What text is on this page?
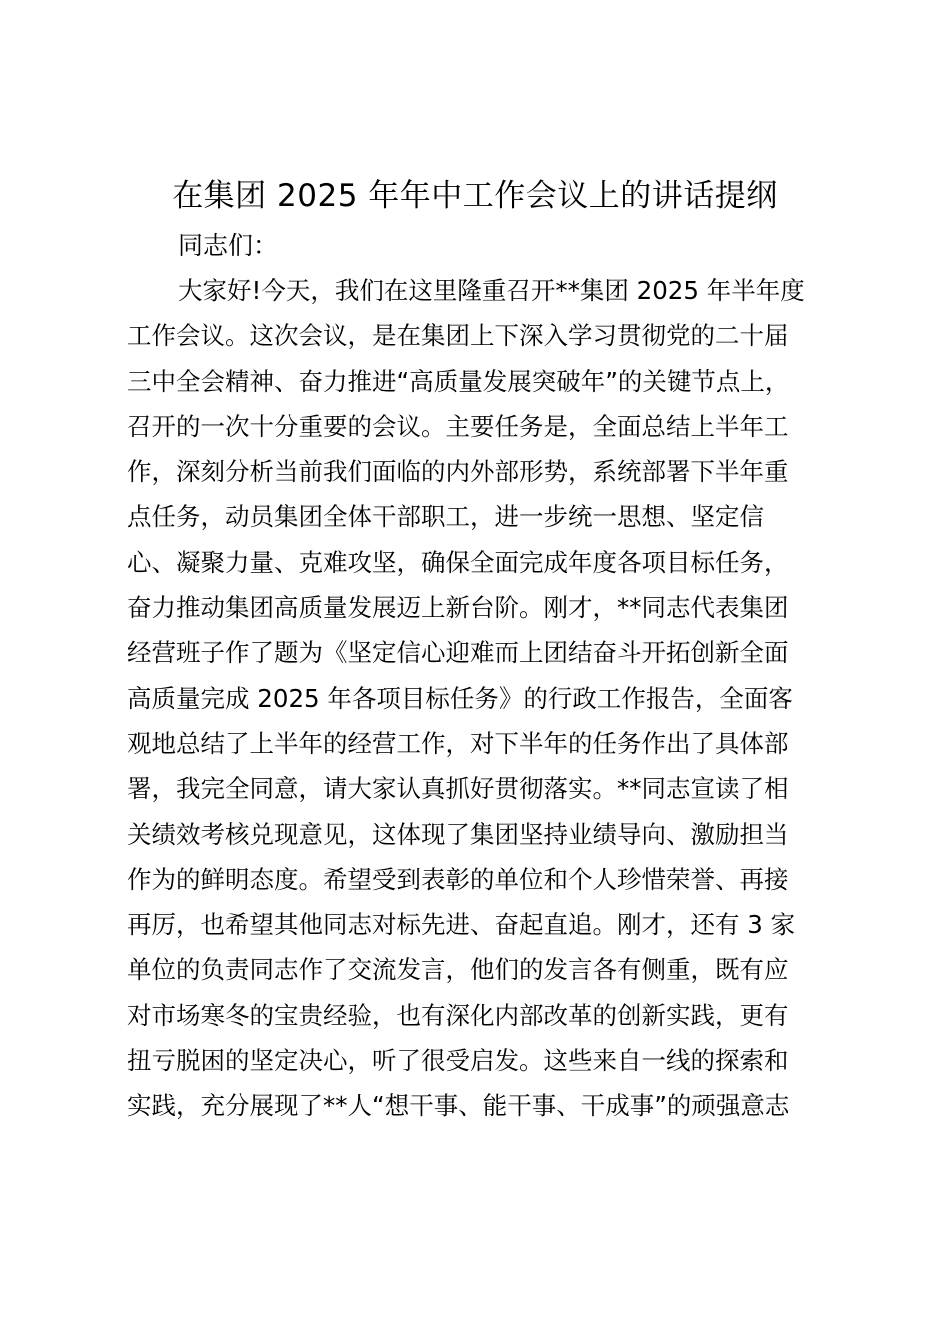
在集团 2025 年年中工作会议上的讲话提纲
同志们：
大家好!今天，我们在这里隆重召开**集团 2025 年半年度
工作会议。这次会议，是在集团上下深入学习贯彻党的二十届
三中全会精神、奋力推进“高质量发展突破年”的关键节点上，
召开的一次十分重要的会议。主要任务是，全面总结上半年工
作，深刻分析当前我们面临的内外部形势，系统部署下半年重
点任务，动员集团全体干部职工，进一步统一思想、坚定信
心、凝聚力量、克难攻坚，确保全面完成年度各项目标任务，
奋力推动集团高质量发展迈上新台阶。刚才，**同志代表集团
经营班子作了题为《坚定信心迎难而上团结奋斗开拓创新全面
高质量完成 2025 年各项目标任务》的行政工作报告，全面客
观地总结了上半年的经营工作，对下半年的任务作出了具体部
署，我完全同意，请大家认真抓好贯彻落实。**同志宣读了相
关绩效考核兑现意见，这体现了集团坚持业绩导向、激励担当
作为的鲜明态度。希望受到表彰的单位和个人珍惜荣誉、再接
再厉，也希望其他同志对标先进、奋起直追。刚才，还有 3 家
单位的负责同志作了交流发言，他们的发言各有侧重，既有应
对市场寒冬的宝贵经验，也有深化内部改革的创新实践，更有
扭亏脱困的坚定决心，听了很受启发。这些来自一线的探索和
实践，充分展现了**人“想干事、能干事、干成事”的顽强意志
